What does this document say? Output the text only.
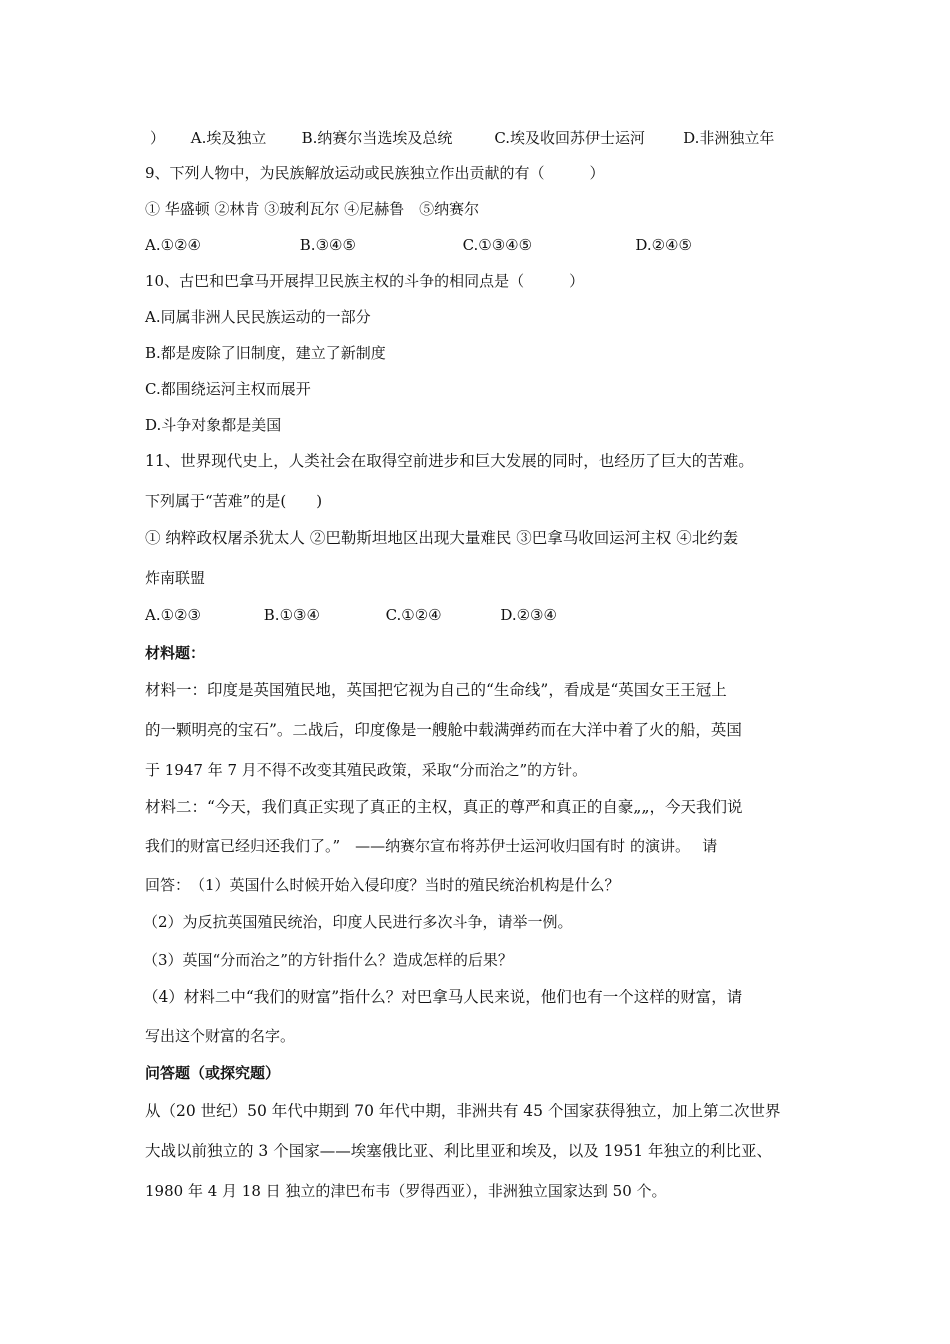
） A.埃及独立 B.纳赛尔当选埃及总统	C.埃及收回苏伊士运河	D.非洲独立年
9、下列人物中，为民族解放运动或民族独立作出贡献的有（　　　）
① 华盛顿 ②林肯 ③玻利瓦尔 ④尼赫鲁　⑤纳赛尔
A.①②④	B.③④⑤	C.①③④⑤	D.②④⑤
10、古巴和巴拿马开展捍卫民族主权的斗争的相同点是（　　　）
A.同属非洲人民民族运动的一部分
B.都是废除了旧制度，建立了新制度
C.都围绕运河主权而展开
D.斗争对象都是美国
11、世界现代史上，人类社会在取得空前进步和巨大发展的同时，也经历了巨大的苦难。
下列属于“苦难”的是(　　)
① 纳粹政权屠杀犹太人 ②巴勒斯坦地区出现大量难民 ③巴拿马收回运河主权 ④北约轰
炸南联盟
A.①②③	B.①③④	C.①②④	D.②③④
材料题：
材料一：印度是英国殖民地，英国把它视为自己的“生命线”，看成是“英国女王王冠上
的一颗明亮的宝石”。二战后，印度像是一艘舱中载满弹药而在大洋中着了火的船，英国
于 1947 年 7 月不得不改变其殖民政策，采取“分而治之”的方针。
材料二：“今天，我们真正实现了真正的主权，真正的尊严和真正的自豪„„，今天我们说
我们的财富已经归还我们了。”　——纳赛尔宣布将苏伊士运河收归国有时 的演讲。　 请
回答：　（1）英国什么时候开始入侵印度？当时的殖民统治机构是什么？
（2）为反抗英国殖民统治，印度人民进行多次斗争，请举一例。
（3）英国“分而治之”的方针指什么？造成怎样的后果？
（4）材料二中“我们的财富”指什么？对巴拿马人民来说，他们也有一个这样的财富，请
写出这个财富的名字。
问答题（或探究题）
从（20 世纪）50 年代中期到 70 年代中期，非洲共有 45 个国家获得独立，加上第二次世界
大战以前独立的 3 个国家——埃塞俄比亚、利比里亚和埃及，以及 1951 年独立的利比亚、
1980 年 4 月 18 日 独立的津巴布韦（罗得西亚），非洲独立国家达到 50 个。
